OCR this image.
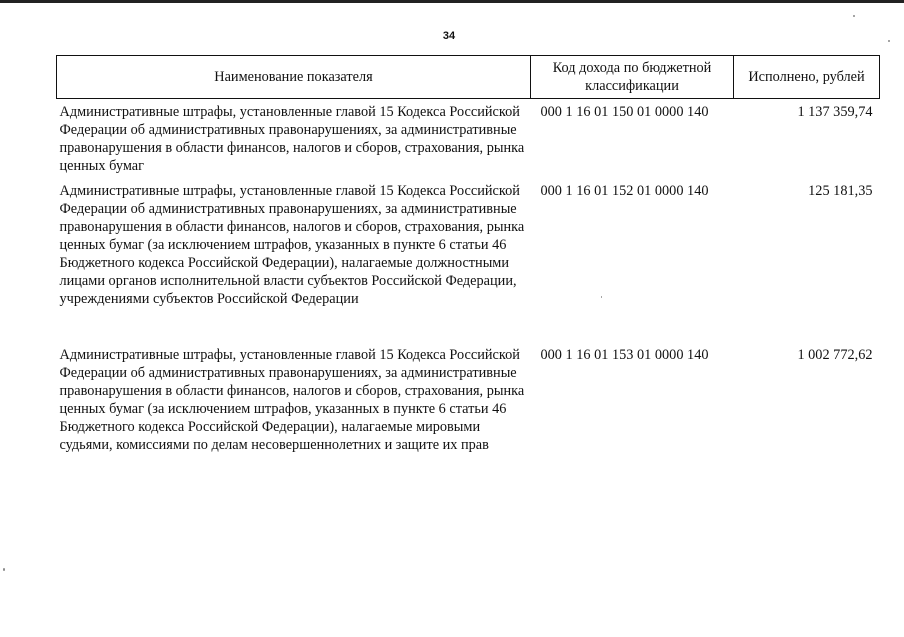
34
Наименование показателя	Код дохода по бюджетной классификации	Исполнено, рублей
Административные штрафы, установленные главой 15 Кодекса Российской Федерации об административных правонарушениях, за административные правонарушения в области финансов, налогов и сборов, страхования, рынка ценных бумаг	000 1 16 01 150 01 0000 140	1 137 359,74
Административные штрафы, установленные главой 15 Кодекса Российской Федерации об административных правонарушениях, за административные правонарушения в области финансов, налогов и сборов, страхования, рынка ценных бумаг (за исключением штрафов, указанных в пункте 6 статьи 46 Бюджетного кодекса Российской Федерации), налагаемые должностными лицами органов исполнительной власти субъектов Российской Федерации, учреждениями субъектов Российской Федерации	000 1 16 01 152 01 0000 140	125 181,35
Административные штрафы, установленные главой 15 Кодекса Российской Федерации об административных правонарушениях, за административные правонарушения в области финансов, налогов и сборов, страхования, рынка ценных бумаг (за исключением штрафов, указанных в пункте 6 статьи 46 Бюджетного кодекса Российской Федерации), налагаемые мировыми судьями, комиссиями по делам несовершеннолетних и защите их прав	000 1 16 01 153 01 0000 140	1 002 772,62
